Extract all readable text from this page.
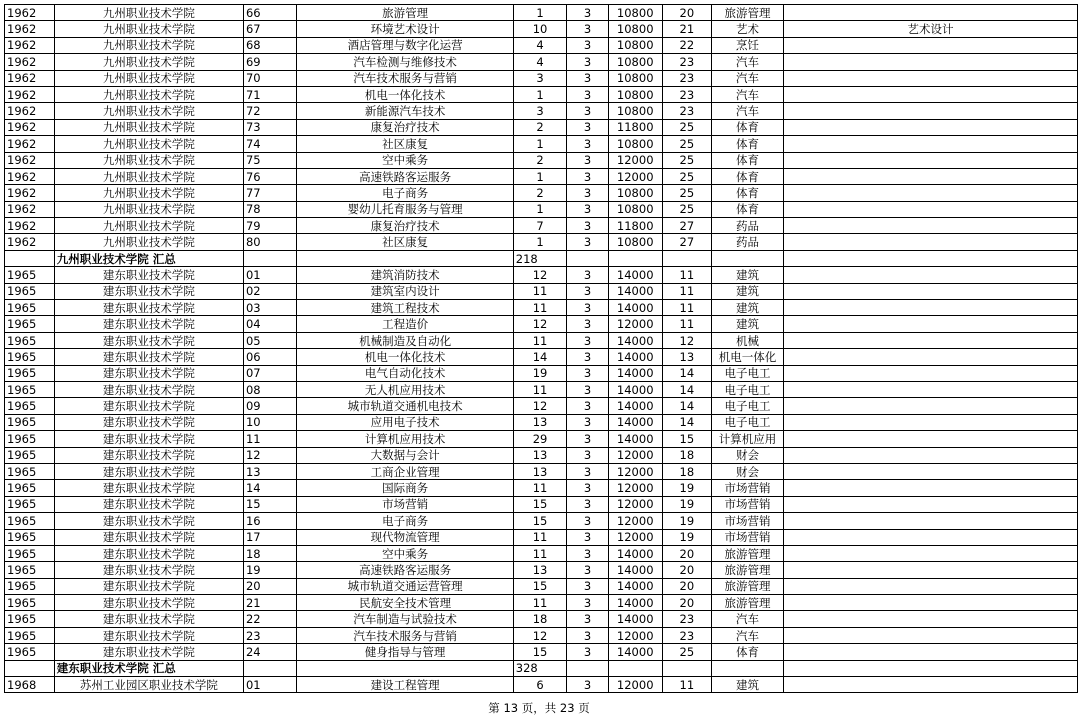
1962	九州职业技术学院	66	旅游管理	1	3	10800	20	旅游管理	
1962	九州职业技术学院	67	环境艺术设计	10	3	10800	21	艺术	艺术设计
1962	九州职业技术学院	68	酒店管理与数字化运营	4	3	10800	22	烹饪	
1962	九州职业技术学院	69	汽车检测与维修技术	4	3	10800	23	汽车	
1962	九州职业技术学院	70	汽车技术服务与营销	3	3	10800	23	汽车	
1962	九州职业技术学院	71	机电一体化技术	1	3	10800	23	汽车	
1962	九州职业技术学院	72	新能源汽车技术	3	3	10800	23	汽车	
1962	九州职业技术学院	73	康复治疗技术	2	3	11800	25	体育	
1962	九州职业技术学院	74	社区康复	1	3	10800	25	体育	
1962	九州职业技术学院	75	空中乘务	2	3	12000	25	体育	
1962	九州职业技术学院	76	高速铁路客运服务	1	3	12000	25	体育	
1962	九州职业技术学院	77	电子商务	2	3	10800	25	体育	
1962	九州职业技术学院	78	婴幼儿托育服务与管理	1	3	10800	25	体育	
1962	九州职业技术学院	79	康复治疗技术	7	3	11800	27	药品	
1962	九州职业技术学院	80	社区康复	1	3	10800	27	药品	
	九州职业技术学院 汇总			218					
1965	建东职业技术学院	01	建筑消防技术	12	3	14000	11	建筑	
1965	建东职业技术学院	02	建筑室内设计	11	3	14000	11	建筑	
1965	建东职业技术学院	03	建筑工程技术	11	3	14000	11	建筑	
1965	建东职业技术学院	04	工程造价	12	3	12000	11	建筑	
1965	建东职业技术学院	05	机械制造及自动化	11	3	14000	12	机械	
1965	建东职业技术学院	06	机电一体化技术	14	3	14000	13	机电一体化	
1965	建东职业技术学院	07	电气自动化技术	19	3	14000	14	电子电工	
1965	建东职业技术学院	08	无人机应用技术	11	3	14000	14	电子电工	
1965	建东职业技术学院	09	城市轨道交通机电技术	12	3	14000	14	电子电工	
1965	建东职业技术学院	10	应用电子技术	13	3	14000	14	电子电工	
1965	建东职业技术学院	11	计算机应用技术	29	3	14000	15	计算机应用	
1965	建东职业技术学院	12	大数据与会计	13	3	12000	18	财会	
1965	建东职业技术学院	13	工商企业管理	13	3	12000	18	财会	
1965	建东职业技术学院	14	国际商务	11	3	12000	19	市场营销	
1965	建东职业技术学院	15	市场营销	15	3	12000	19	市场营销	
1965	建东职业技术学院	16	电子商务	15	3	12000	19	市场营销	
1965	建东职业技术学院	17	现代物流管理	11	3	12000	19	市场营销	
1965	建东职业技术学院	18	空中乘务	11	3	14000	20	旅游管理	
1965	建东职业技术学院	19	高速铁路客运服务	13	3	14000	20	旅游管理	
1965	建东职业技术学院	20	城市轨道交通运营管理	15	3	14000	20	旅游管理	
1965	建东职业技术学院	21	民航安全技术管理	11	3	14000	20	旅游管理	
1965	建东职业技术学院	22	汽车制造与试验技术	18	3	14000	23	汽车	
1965	建东职业技术学院	23	汽车技术服务与营销	12	3	12000	23	汽车	
1965	建东职业技术学院	24	健身指导与管理	15	3	14000	25	体育	
	建东职业技术学院 汇总			328					
1968	苏州工业园区职业技术学院	01	建设工程管理	6	3	12000	11	建筑	
第 13 页，共 23 页
